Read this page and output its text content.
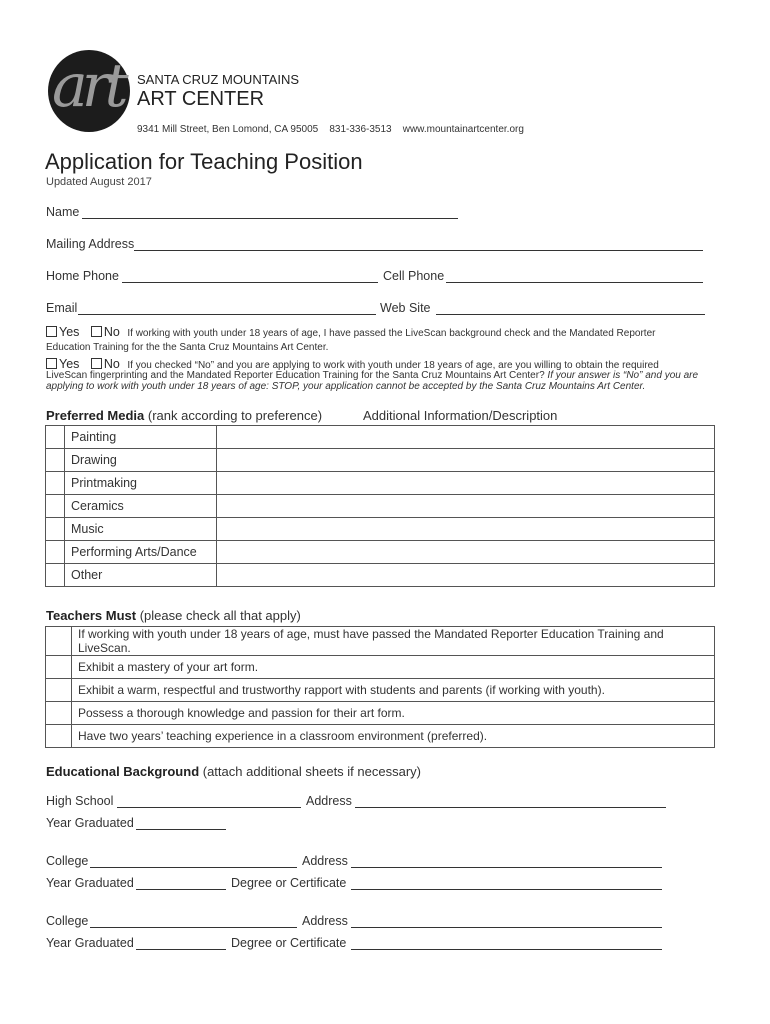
art SANTA CRUZ MOUNTAINS
ART CENTER
9341 Mill Street, Ben Lomond, CA 95005    831-336-3513    www.mountainartcenter.org
Application for Teaching Position
Updated August 2017
Name
Mailing Address
Home Phone	Cell Phone
Email	Web Site
Yes No If working with youth under 18 years of age, I have passed the LiveScan background check and the Mandated Reporter
Education Training for the the Santa Cruz Mountains Art Center.
Yes No If you checked “No” and you are applying to work with youth under 18 years of age, are you willing to obtain the required
LiveScan fingerprinting and the Mandated Reporter Education Training for the Santa Cruz Mountains Art Center? If your answer is “No” and you are
applying to work with youth under 18 years of age: STOP, your application cannot be accepted by the Santa Cruz Mountains Art Center.
Preferred Media (rank according to preference)	Additional Information/Description
	Painting	
	Drawing	
	Printmaking	
	Ceramics	
	Music	
	Performing Arts/Dance	
	Other	
Teachers Must (please check all that apply)
	If working with youth under 18 years of age, must have passed the Mandated Reporter Education Training and LiveScan.
	Exhibit a mastery of your art form.
	Exhibit a warm, respectful and trustworthy rapport with students and parents (if working with youth).
	Possess a thorough knowledge and passion for their art form.
	Have two years’ teaching experience in a classroom environment (preferred).
Educational Background (attach additional sheets if necessary)
High School	Address
Year Graduated
College	Address
Year Graduated	Degree or Certificate
College	Address
Year Graduated	Degree or Certificate
